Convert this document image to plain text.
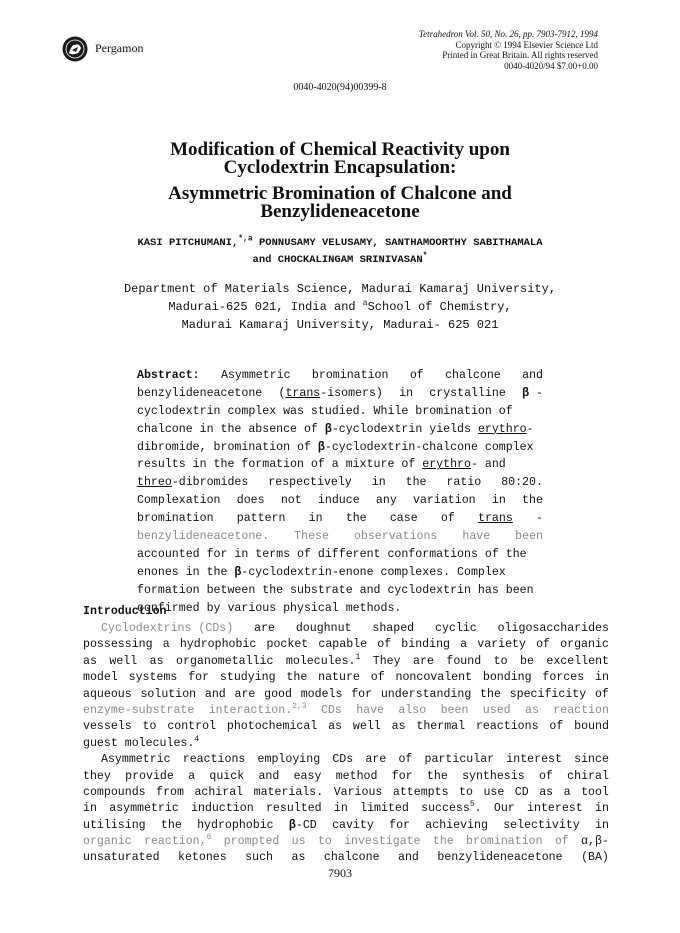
Pergamon
Tetrahedron Vol. 50, No. 26, pp. 7903-7912, 1994
Copyright © 1994 Elsevier Science Ltd
Printed in Great Britain. All rights reserved
0040-4020/94 $7.00+0.00
0040-4020(94)00399-8
Modification of Chemical Reactivity upon
Cyclodextrin Encapsulation:
Asymmetric Bromination of Chalcone and
Benzylideneacetone
KASI PITCHUMANI,$^{*,a}$ PONNUSAMY VELUSAMY, SANTHAMOORTHY SABITHAMALA
and CHOCKALINGAM SRINIVASAN*
Department of Materials Science, Madurai Kamaraj University,
Madurai-625 021, India and $^a$School of Chemistry,
Madurai Kamaraj University, Madurai- 625 021
Abstract: Asymmetric bromination of chalcone and
benzylideneacetone (trans-isomers) in crystalline β -
cyclodextrin complex was studied. While bromination of
chalcone in the absence of β-cyclodextrin yields erythro-
dibromide, bromination of β-cyclodextrin-chalcone complex
results in the formation of a mixture of erythro- and
threo-dibromides respectively in the ratio 80:20.
Complexation does not induce any variation in the
bromination pattern in the case of trans -
benzylideneacetone. These observations have been
accounted for in terms of different conformations of the
enones in the β-cyclodextrin-enone complexes. Complex
formation between the substrate and cyclodextrin has been
confirmed by various physical methods.
Introduction
Cyclodextrins (CDs) are doughnut shaped cyclic oligosaccharides
possessing a hydrophobic pocket capable of binding a variety of organic
as well as organometallic molecules.$^1$ They are found to be excellent
model systems for studying the nature of noncovalent bonding forces in
aqueous solution and are good models for understanding the specificity of
enzyme-substrate interaction.$^{2,3}$ CDs have also been used as reaction
vessels to control photochemical as well as thermal reactions of bound
guest molecules.$^4$
Asymmetric reactions employing CDs are of particular interest since
they provide a quick and easy method for the synthesis of chiral
compounds from achiral materials. Various attempts to use CD as a tool
in asymmetric induction resulted in limited success$^5$. Our interest in
utilising the hydrophobic β-CD cavity for achieving selectivity in
organic reaction,$^6$ prompted us to investigate the bromination of α,β-
unsaturated ketones such as chalcone and benzylideneacetone (BA)
7903
